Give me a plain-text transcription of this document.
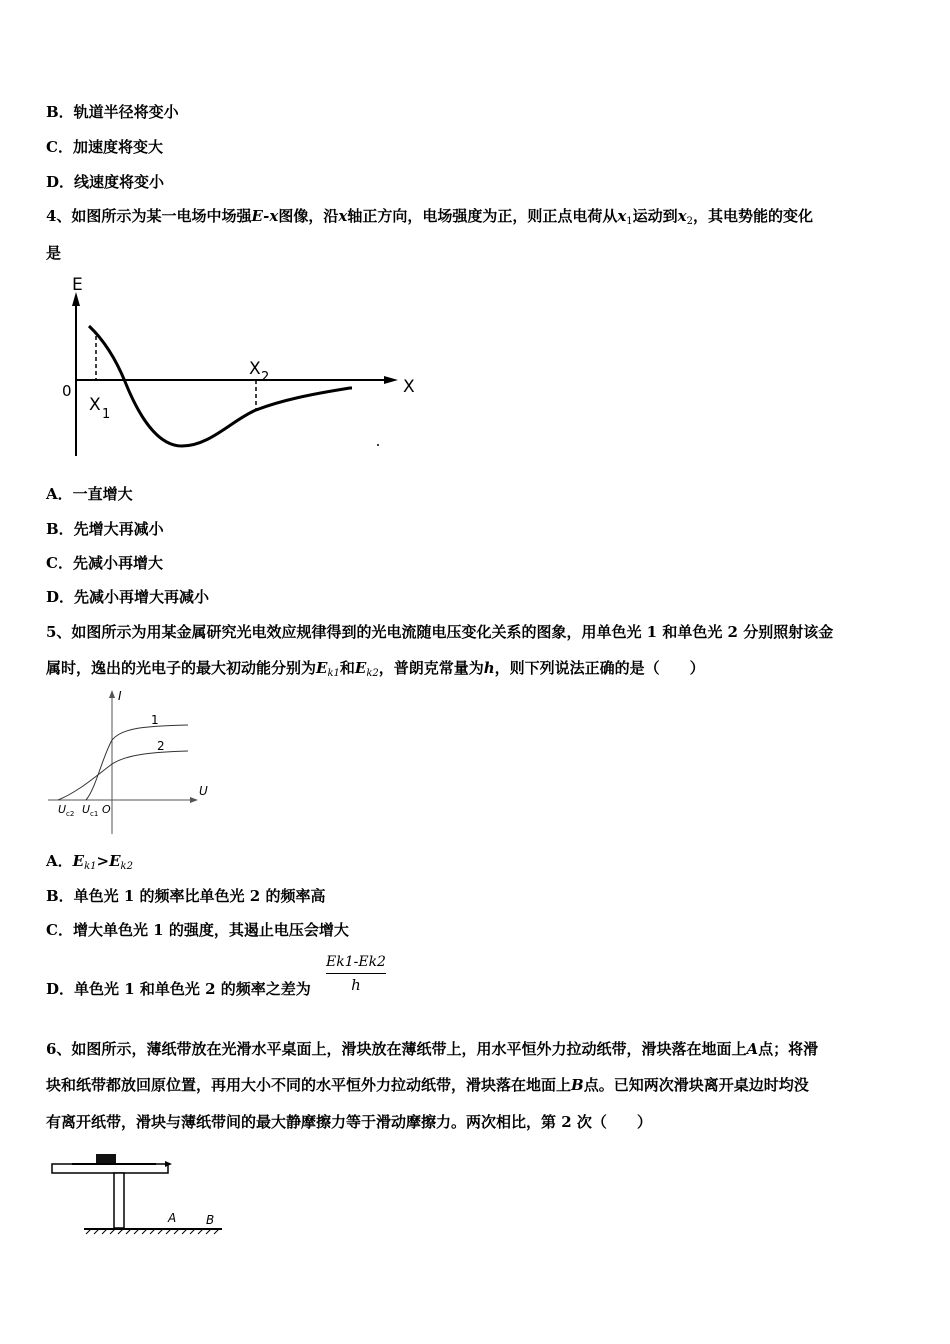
B．轨道半径将变小
C．加速度将变大
D．线速度将变小
4、如图所示为某一电场中场强E-x图像，沿x轴正方向，电场强度为正，则正点电荷从$x_1$运动到$x_2$，其电势能的变化
是
E
X
0
X 1
X 2
A．一直增大
B．先增大再减小
C．先减小再增大
D．先减小再增大再减小
5、如图所示为用某金属研究光电效应规律得到的光电流随电压变化关系的图象，用单色光 1 和单色光 2 分别照射该金
属时，逸出的光电子的最大初动能分别为$E_{k1}$和$E_{k2}$，普朗克常量为h，则下列说法正确的是（　　）
I
U
1
2
O
U c2 U c1
A．$E_{k1}>E_{k2}$
B．单色光 1 的频率比单色光 2 的频率高
C．增大单色光 1 的强度，其遏止电压会增大
D．单色光 1 和单色光 2 的频率之差为 $\frac{Ek1-Ek2}{h}$
6、如图所示，薄纸带放在光滑水平桌面上，滑块放在薄纸带上，用水平恒外力拉动纸带，滑块落在地面上A点；将滑
块和纸带都放回原位置，再用大小不同的水平恒外力拉动纸带，滑块落在地面上B点。已知两次滑块离开桌边时均没
有离开纸带，滑块与薄纸带间的最大静摩擦力等于滑动摩擦力。两次相比，第 2 次（　　）
A B
